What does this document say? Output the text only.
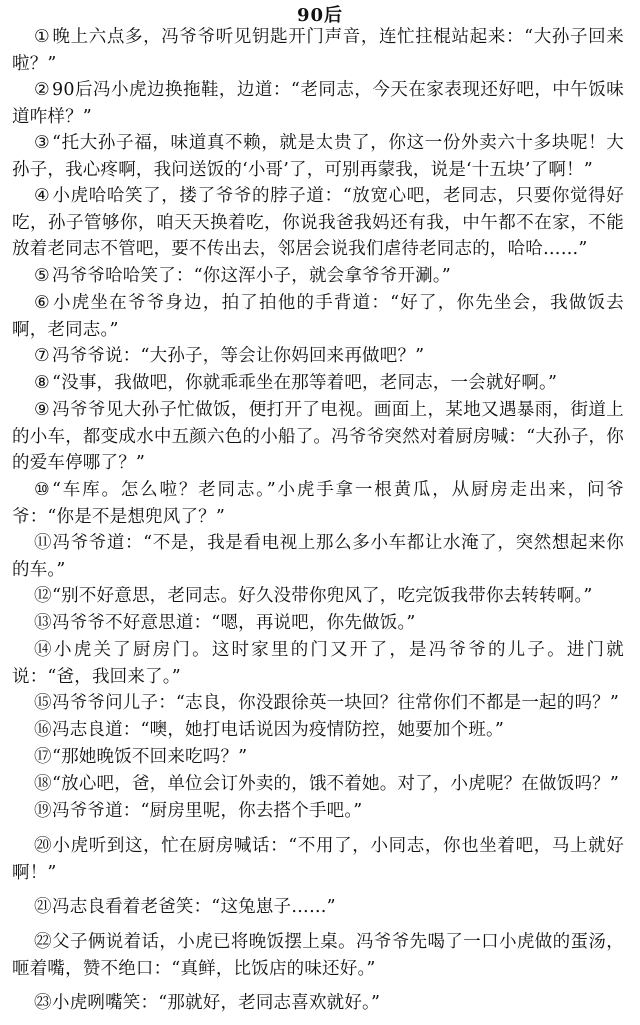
90后
① 晚上六点多，冯爷爷听见钥匙开门声音，连忙拄棍站起来：“大孙子回来啦？”
② 90后冯小虎边换拖鞋，边道：“老同志，今天在家表现还好吧，中午饭味道咋样？”
③ “托大孙子福，味道真不赖，就是太贵了，你这一份外卖六十多块呢！大孙子，我心疼啊，我问送饭的‘小哥’了，可别再蒙我，说是‘十五块’了啊！”
④ 小虎哈哈笑了，搂了爷爷的脖子道：“放宽心吧，老同志，只要你觉得好吃，孙子管够你，咱天天换着吃，你说我爸我妈还有我，中午都不在家，不能放着老同志不管吧，要不传出去，邻居会说我们虐待老同志的，哈哈……”
⑤ 冯爷爷哈哈笑了：“你这浑小子，就会拿爷爷开涮。”
⑥ 小虎坐在爷爷身边，拍了拍他的手背道：“好了，你先坐会，我做饭去啊，老同志。”
⑦ 冯爷爷说：“大孙子，等会让你妈回来再做吧？”
⑧ “没事，我做吧，你就乖乖坐在那等着吧，老同志，一会就好啊。”
⑨ 冯爷爷见大孙子忙做饭，便打开了电视。画面上，某地又遇暴雨，街道上的小车，都变成水中五颜六色的小船了。冯爷爷突然对着厨房喊：“大孙子，你的爱车停哪了？”
⑩ “车库。怎么啦？老同志。”小虎手拿一根黄瓜，从厨房走出来，问爷爷：“你是不是想兜风了？”
⑪冯爷爷道：“不是，我是看电视上那么多小车都让水淹了，突然想起来你的车。”
⑫“别不好意思，老同志。好久没带你兜风了，吃完饭我带你去转转啊。”
⑬冯爷爷不好意思道：“嗯，再说吧，你先做饭。”
⑭小虎关了厨房门。这时家里的门又开了，是冯爷爷的儿子。进门就说：“爸，我回来了。”
⑮冯爷爷问儿子：“志良，你没跟徐英一块回？往常你们不都是一起的吗？”
⑯冯志良道：“噢，她打电话说因为疫情防控，她要加个班。”
⑰“那她晚饭不回来吃吗？”
⑱“放心吧，爸，单位会订外卖的，饿不着她。对了，小虎呢？在做饭吗？”
⑲冯爷爷道：“厨房里呢，你去搭个手吧。”
⑳小虎听到这，忙在厨房喊话：“不用了，小同志，你也坐着吧，马上就好啊！”
㉑冯志良看着老爸笑：“这兔崽子……”
㉒父子俩说着话，小虎已将晚饭摆上桌。冯爷爷先喝了一口小虎做的蛋汤，咂着嘴，赞不绝口：“真鲜，比饭店的味还好。”
㉓小虎咧嘴笑：“那就好，老同志喜欢就好。”
